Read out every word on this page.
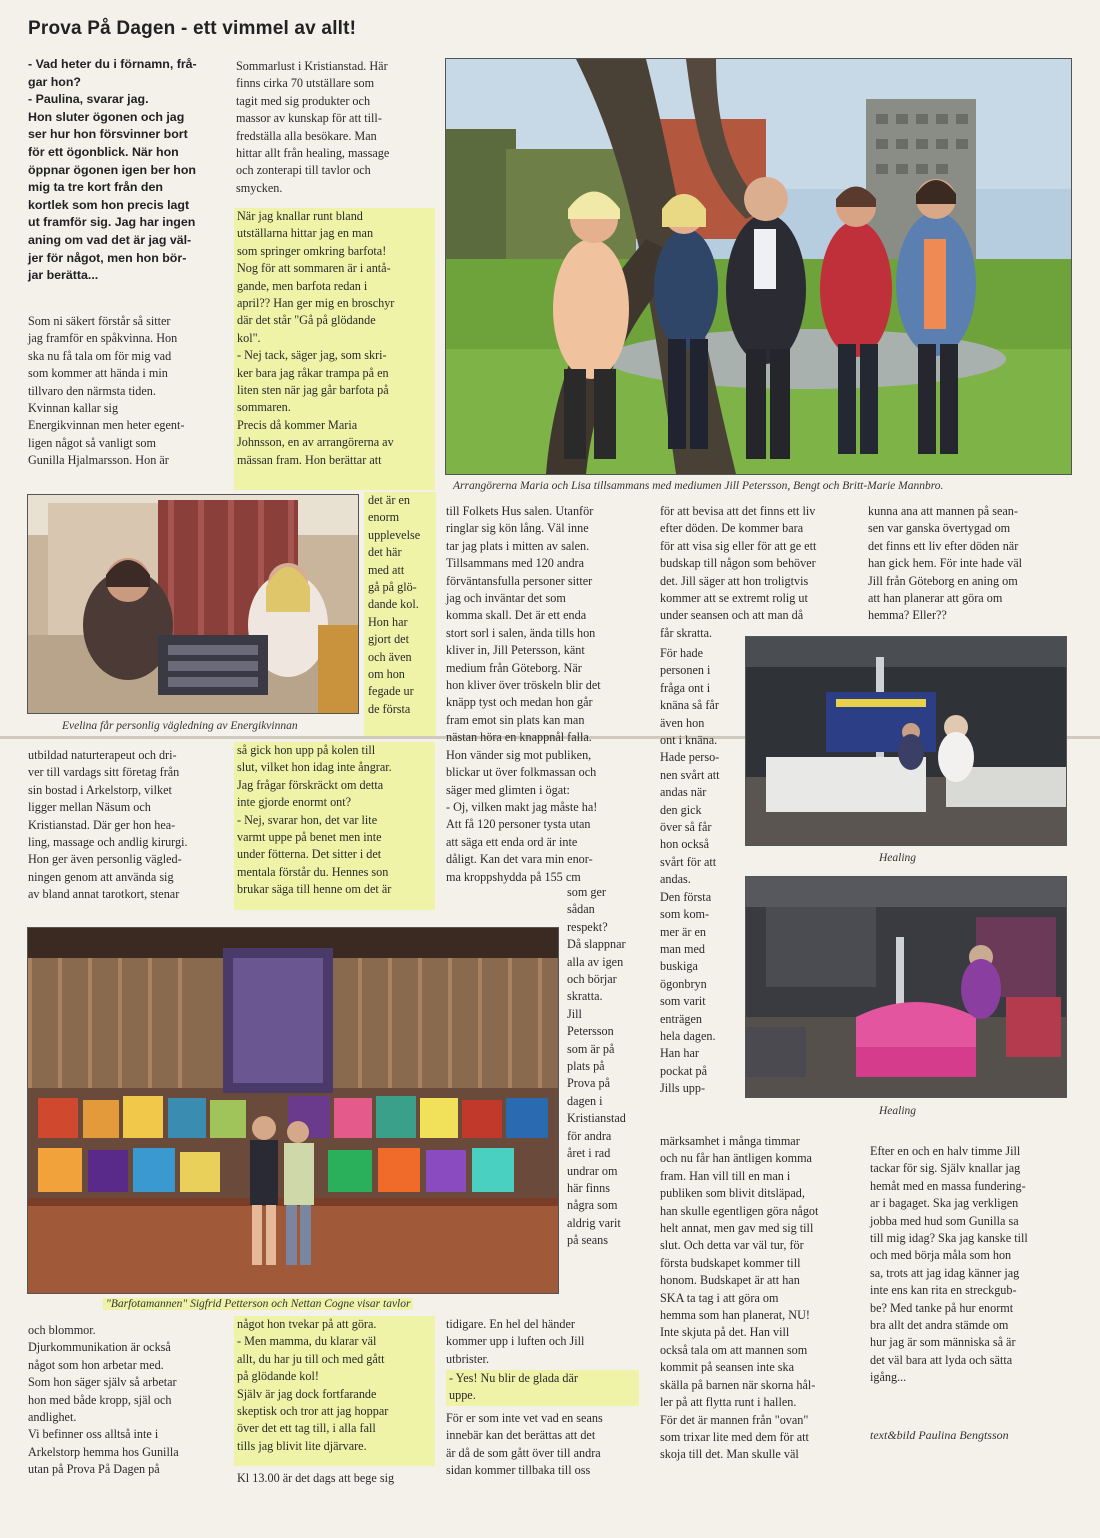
Prova På Dagen - ett vimmel av allt!
- Vad heter du i förnamn, frå-
gar hon?
- Paulina, svarar jag.
Hon sluter ögonen och jag
ser hur hon försvinner bort
för ett ögonblick. När hon
öppnar ögonen igen ber hon
mig ta tre kort från den
kortlek som hon precis lagt
ut framför sig. Jag har ingen
aning om vad det är jag väl-
jer för något, men hon bör-
jar berätta...
Som ni säkert förstår så sitter
jag framför en spåkvinna. Hon
ska nu få tala om för mig vad
som kommer att hända i min
tillvaro den närmsta tiden.
Kvinnan kallar sig
Energikvinnan men heter egent-
ligen något så vanligt som
Gunilla Hjalmarsson. Hon är
Sommarlust i Kristianstad. Här
finns cirka 70 utställare som
tagit med sig produkter och
massor av kunskap för att till-
fredställa alla besökare. Man
hittar allt från healing, massage
och zonterapi till tavlor och
smycken.
När jag knallar runt bland
utställarna hittar jag en man
som springer omkring barfota!
Nog för att sommaren är i antå-
gande, men barfota redan i
april?? Han ger mig en broschyr
där det står "Gå på glödande
kol".
- Nej tack, säger jag, som skri-
ker bara jag råkar trampa på en
liten sten när jag går barfota på
sommaren.
Precis då kommer Maria
Johnsson, en av arrangörerna av
mässan fram. Hon berättar att
det är en
enorm
upplevelse
det här
med att
gå på glö-
dande kol.
Hon har
gjort det
och även
om hon
fegade ur
de första
Evelina får personlig vägledning av Energikvinnan
utbildad naturterapeut och dri-
ver till vardags sitt företag från
sin bostad i Arkelstorp, vilket
ligger mellan Näsum och
Kristianstad. Där ger hon hea-
ling, massage och andlig kirurgi.
Hon ger även personlig vägled-
ningen genom att använda sig
av bland annat tarotkort, stenar
så gick hon upp på kolen till
slut, vilket hon idag inte ångrar.
Jag frågar förskräckt om detta
inte gjorde enormt ont?
- Nej, svarar hon, det var lite
varmt uppe på benet men inte
under fötterna. Det sitter i det
mentala förstår du. Hennes son
brukar säga till henne om det är
Arrangörerna Maria och Lisa tillsammans med mediumen Jill Petersson, Bengt och Britt-Marie Mannbro.
till Folkets Hus salen. Utanför
ringlar sig kön lång. Väl inne
tar jag plats i mitten av salen.
Tillsammans med 120 andra
förväntansfulla personer sitter
jag och inväntar det som
komma skall. Det är ett enda
stort sorl i salen, ända tills hon
kliver in, Jill Petersson, känt
medium från Göteborg. När
hon kliver över tröskeln blir det
knäpp tyst och medan hon går
fram emot sin plats kan man
nästan höra en knappnål falla.
Hon vänder sig mot publiken,
blickar ut över folkmassan och
säger med glimten i ögat:
- Oj, vilken makt jag måste ha!
Att få 120 personer tysta utan
att säga ett enda ord är inte
dåligt. Kan det vara min enor-
ma kroppshydda på 155 cm
som ger
sådan
respekt?
Då slappnar
alla av igen
och börjar
skratta.
Jill
Petersson
som är på
plats på
Prova på
dagen i
Kristianstad
för andra
året i rad
undrar om
här finns
några som
aldrig varit
på seans
för att bevisa att det finns ett liv
efter döden. De kommer bara
för att visa sig eller för att ge ett
budskap till någon som behöver
det. Jill säger att hon troligtvis
kommer att se extremt rolig ut
under seansen och att man då
får skratta.
För hade
personen i
fråga ont i
knäna så får
även hon
ont i knäna.
Hade perso-
nen svårt att
andas när
den gick
över så får
hon också
svårt för att
andas.
Den första
som kom-
mer är en
man med
buskiga
ögonbryn
som varit
enträgen
hela dagen.
Han har
pockat på
Jills upp-
kunna ana att mannen på sean-
sen var ganska övertygad om
det finns ett liv efter döden när
han gick hem. För inte hade väl
Jill från Göteborg en aning om
att han planerar att göra om
hemma? Eller??
Healing
Healing
"Barfotamannen" Sigfrid Petterson och Nettan Cogne visar tavlor
och blommor.
Djurkommunikation är också
något som hon arbetar med.
Som hon säger själv så arbetar
hon med både kropp, själ och
andlighet.
Vi befinner oss alltså inte i
Arkelstorp hemma hos Gunilla
utan på Prova På Dagen på
något hon tvekar på att göra.
- Men mamma, du klarar väl
allt, du har ju till och med gått
på glödande kol!
Själv är jag dock fortfarande
skeptisk och tror att jag hoppar
över det ett tag till, i alla fall
tills jag blivit lite djärvare.
Kl 13.00 är det dags att bege sig
tidigare. En hel del händer
kommer upp i luften och Jill
utbrister.
- Yes! Nu blir de glada där
uppe.
För er som inte vet vad en seans
innebär kan det berättas att det
är då de som gått över till andra
sidan kommer tillbaka till oss
märksamhet i många timmar
och nu får han äntligen komma
fram. Han vill till en man i
publiken som blivit ditsläpad,
han skulle egentligen göra något
helt annat, men gav med sig till
slut. Och detta var väl tur, för
första budskapet kommer till
honom. Budskapet är att han
SKA ta tag i att göra om
hemma som han planerat, NU!
Inte skjuta på det. Han vill
också tala om att mannen som
kommit på seansen inte ska
skälla på barnen när skorna hål-
ler på att flytta runt i hallen.
För det är mannen från "ovan"
som trixar lite med dem för att
skoja till det. Man skulle väl
Efter en och en halv timme Jill
tackar för sig. Själv knallar jag
hemåt med en massa fundering-
ar i bagaget. Ska jag verkligen
jobba med hud som Gunilla sa
till mig idag? Ska jag kanske till
och med börja måla som hon
sa, trots att jag idag känner jag
inte ens kan rita en streckgub-
be? Med tanke på hur enormt
bra allt det andra stämde om
hur jag är som människa så är
det väl bara att lyda och sätta
igång...
text&bild Paulina Bengtsson
